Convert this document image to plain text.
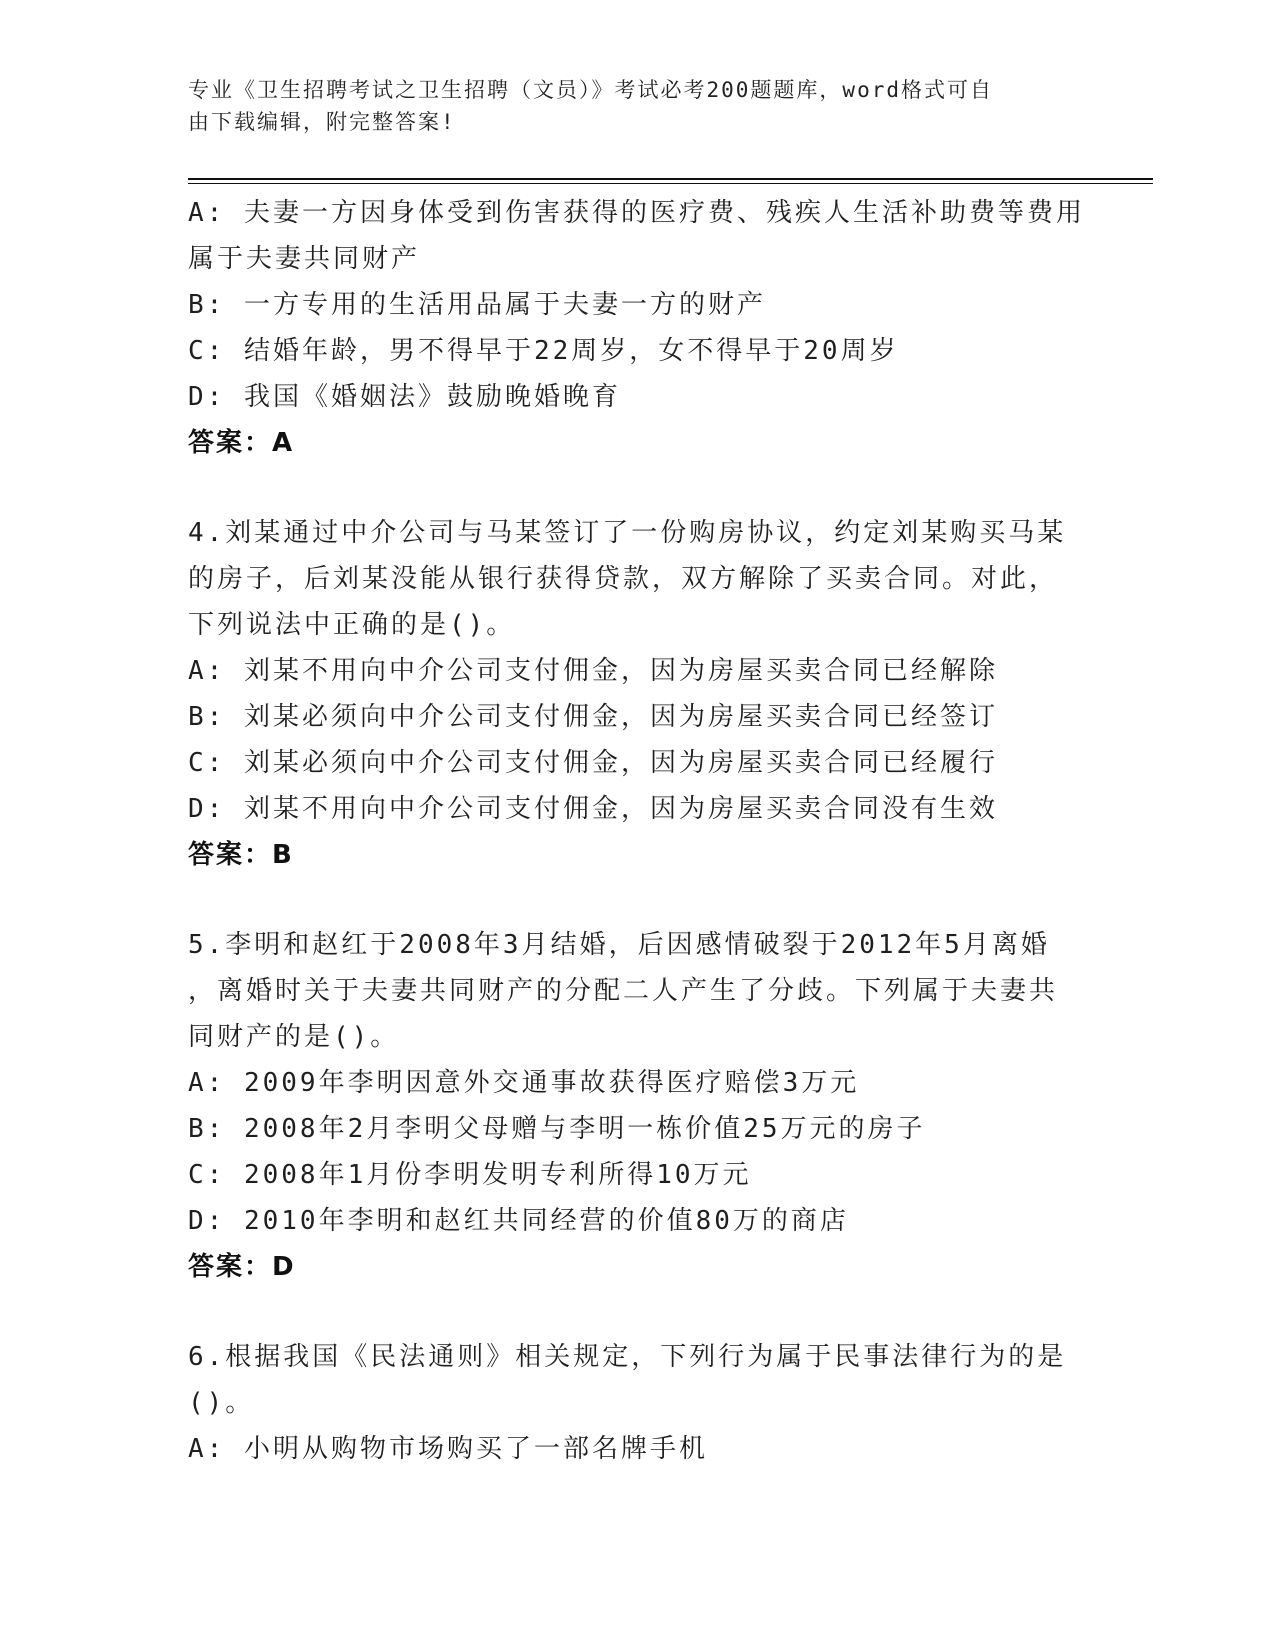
专业《卫生招聘考试之卫生招聘（文员）》考试必考200题题库，word格式可自
由下载编辑，附完整答案!
A: 夫妻一方因身体受到伤害获得的医疗费、残疾人生活补助费等费用
属于夫妻共同财产
B: 一方专用的生活用品属于夫妻一方的财产
C: 结婚年龄，男不得早于22周岁，女不得早于20周岁
D: 我国《婚姻法》鼓励晚婚晚育
答案：A
4.刘某通过中介公司与马某签订了一份购房协议，约定刘某购买马某
的房子，后刘某没能从银行获得贷款，双方解除了买卖合同。对此，
下列说法中正确的是()。
A: 刘某不用向中介公司支付佣金，因为房屋买卖合同已经解除
B: 刘某必须向中介公司支付佣金，因为房屋买卖合同已经签订
C: 刘某必须向中介公司支付佣金，因为房屋买卖合同已经履行
D: 刘某不用向中介公司支付佣金，因为房屋买卖合同没有生效
答案：B
5.李明和赵红于2008年3月结婚，后因感情破裂于2012年5月离婚
，离婚时关于夫妻共同财产的分配二人产生了分歧。下列属于夫妻共
同财产的是()。
A: 2009年李明因意外交通事故获得医疗赔偿3万元
B: 2008年2月李明父母赠与李明一栋价值25万元的房子
C: 2008年1月份李明发明专利所得10万元
D: 2010年李明和赵红共同经营的价值80万的商店
答案：D
6.根据我国《民法通则》相关规定，下列行为属于民事法律行为的是
()。
A: 小明从购物市场购买了一部名牌手机
